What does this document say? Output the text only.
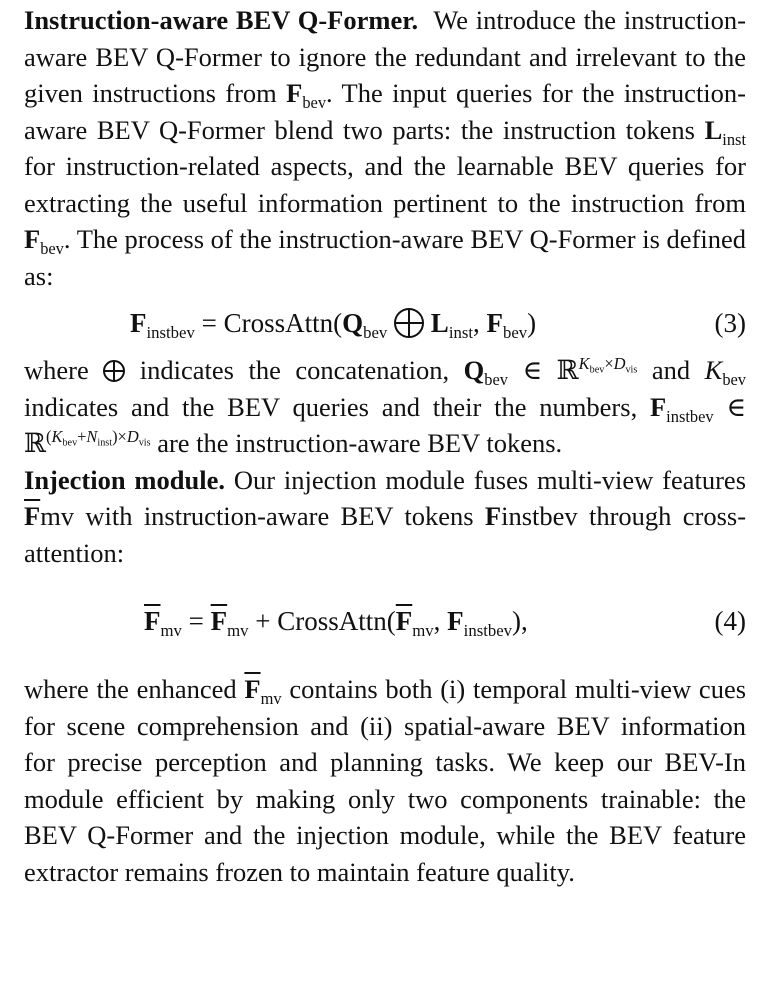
Instruction-aware BEV Q-Former. We introduce the instruction-aware BEV Q-Former to ignore the redundant and irrelevant to the given instructions from $F_{bev}$. The input queries for the instruction-aware BEV Q-Former blend two parts: the instruction tokens $L_{inst}$ for instruction-related aspects, and the learnable BEV queries for extracting the useful information pertinent to the instruction from $F_{bev}$. The process of the instruction-aware BEV Q-Former is defined as:

$F_{instbev}$ = $CrossAttn(Q_{bev}$ $L_{inst}$, $F_{bev}$)	(3)

where indicates the concatenation, $Q_{bev}$ ∈ ℝ$^{K_{bev}\times D_{vis}}$ and $K_{bev}$ indicates and the BEV queries and their the numbers, $F_{instbev}$ ∈ ℝ$^{(K_{bev}+N_{inst})\times D_{vis}}$ are the instruction-aware BEV tokens.

Injection module. Our injection module fuses multi-view features $\overline{F}mv$ with instruction-aware BEV tokens Finstbev through cross-attention:

$\overline{F}_{mv} = \overline{F}_{mv}$ + $CrossAttn(\overline{F}_{mv}$, $F_{instbev}$),	(4)

where the enhanced $\overline{F}_{mv}$ contains both (i) temporal multi-view cues for scene comprehension and (ii) spatial-aware BEV information for precise perception and planning tasks. We keep our BEV-In module efficient by making only two components trainable: the BEV Q-Former and the injection module, while the BEV feature extractor remains frozen to maintain feature quality.
